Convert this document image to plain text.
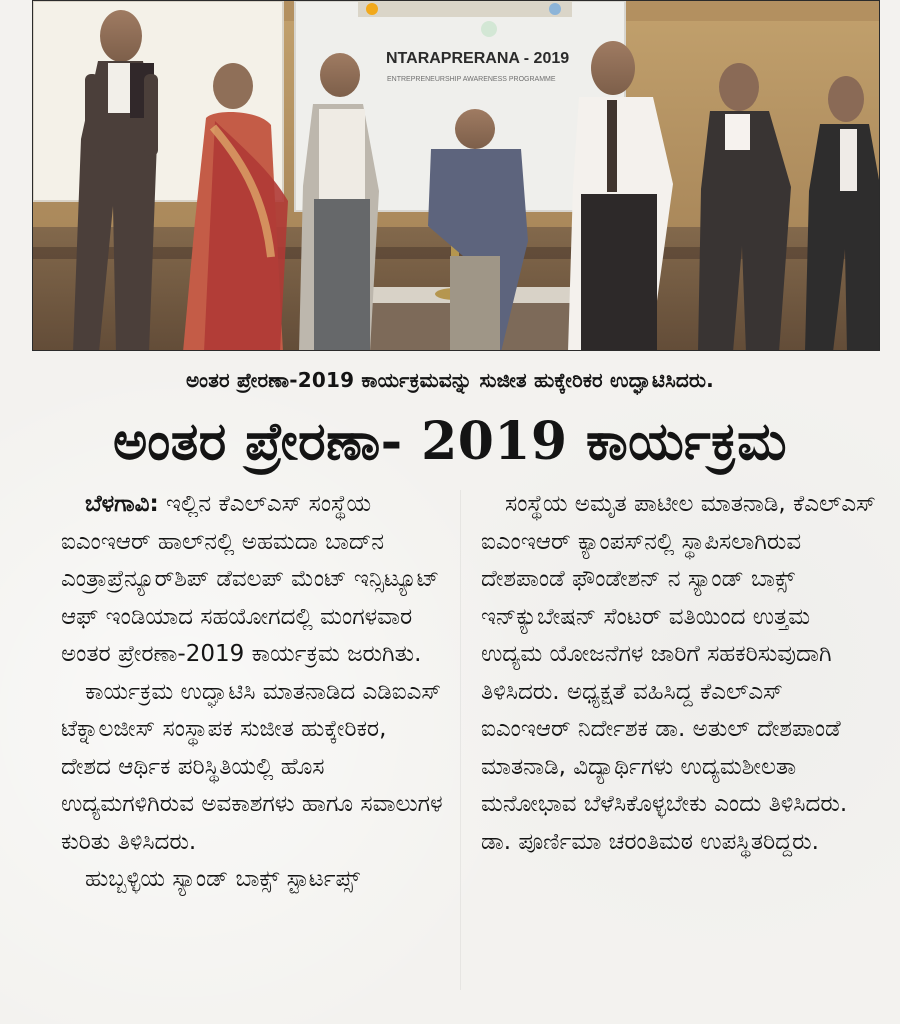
NTARAPRERANA - 2019
ENTREPRENEURSHIP AWARENESS PROGRAMME
ಅಂತರ ಪ್ರೇರಣಾ-2019 ಕಾರ್ಯಕ್ರಮವನ್ನು ಸುಜೀತ ಹುಕ್ಕೇರಿಕರ ಉದ್ಘಾಟಿಸಿದರು.
ಅಂತರ ಪ್ರೇರಣಾ- 2019 ಕಾರ್ಯಕ್ರಮ

ಬೆಳಗಾವಿ: ಇಲ್ಲಿನ ಕೆಎಲ್ಎಸ್ ಸಂಸ್ಥೆಯ ಐಎಂಇಆರ್ ಹಾಲ್‌ನಲ್ಲಿ ಅಹಮದಾ ಬಾದ್‌ನ ಎಂತ್ರಾಪ್ರೆನ್ಯೂರ್‌ಶಿಪ್ ಡೆವಲಪ್ ಮೆಂಟ್ ಇನ್ಸಿಟ್ಯೂಟ್ ಆಫ್ ಇಂಡಿಯಾದ ಸಹಯೋಗದಲ್ಲಿ ಮಂಗಳವಾರ ಅಂತರ ಪ್ರೇರಣಾ-2019 ಕಾರ್ಯಕ್ರಮ ಜರುಗಿತು.

ಕಾರ್ಯಕ್ರಮ ಉದ್ಘಾಟಿಸಿ ಮಾತನಾಡಿದ ಎಡಿಐಎಸ್ ಟೆಕ್ನಾಲಜೀಸ್ ಸಂಸ್ಥಾಪಕ ಸುಜೀತ ಹುಕ್ಕೇರಿಕರ, ದೇಶದ ಆರ್ಥಿಕ ಪರಿಸ್ಥಿತಿಯಲ್ಲಿ ಹೊಸ ಉದ್ಯಮಗಳಿಗಿರುವ ಅವಕಾಶಗಳು ಹಾಗೂ ಸವಾಲುಗಳ ಕುರಿತು ತಿಳಿಸಿದರು.

ಹುಬ್ಬಳ್ಳಿಯ ಸ್ಯಾಂಡ್ ಬಾಕ್ಸ್ ಸ್ಟಾರ್ಟಪ್ಸ್

ಸಂಸ್ಥೆಯ ಅಮೃತ ಪಾಟೀಲ ಮಾತನಾಡಿ, ಕೆಎಲ್ಎಸ್ ಐಎಂಇಆರ್ ಕ್ಯಾಂಪಸ್‌ನಲ್ಲಿ ಸ್ಥಾಪಿಸಲಾಗಿರುವ ದೇಶಪಾಂಡೆ ಫೌಂಡೇಶನ್ ನ ಸ್ಯಾಂಡ್ ಬಾಕ್ಸ್ ಇನ್‌ಕ್ಯುಬೇಷನ್ ಸೆಂಟರ್ ವತಿಯಿಂದ ಉತ್ತಮ ಉದ್ಯಮ ಯೋಜನೆಗಳ ಜಾರಿಗೆ ಸಹಕರಿಸುವುದಾಗಿ ತಿಳಿಸಿದರು. ಅಧ್ಯಕ್ಷತೆ ವಹಿಸಿದ್ದ ಕೆಎಲ್ಎಸ್ ಐಎಂಇಆರ್ ನಿರ್ದೇಶಕ ಡಾ. ಅತುಲ್ ದೇಶಪಾಂಡೆ ಮಾತನಾಡಿ, ವಿದ್ಯಾರ್ಥಿಗಳು ಉದ್ಯಮಶೀಲತಾ ಮನೋಭಾವ ಬೆಳೆಸಿಕೊಳ್ಳಬೇಕು ಎಂದು ತಿಳಿಸಿದರು. ಡಾ. ಪೂರ್ಣಿಮಾ ಚರಂತಿಮಠ ಉಪಸ್ಥಿತರಿದ್ದರು.
